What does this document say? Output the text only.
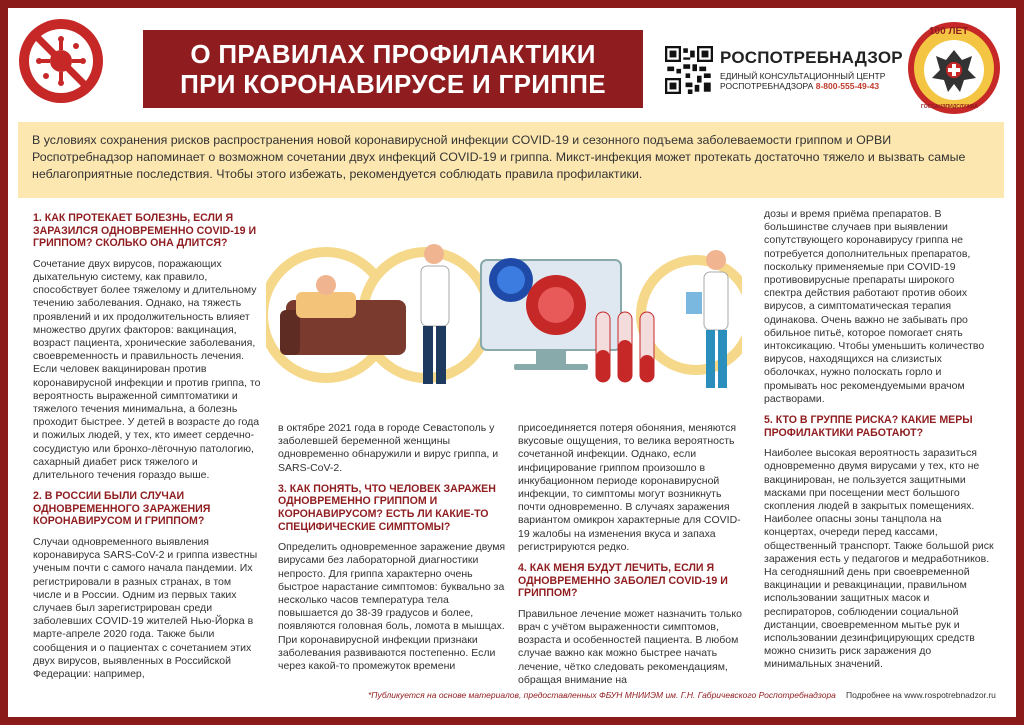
О ПРАВИЛАХ ПРОФИЛАКТИКИ
ПРИ КОРОНАВИРУСЕ И ГРИППЕ
РОСПОТРЕБНАДЗОР
ЕДИНЫЙ КОНСУЛЬТАЦИОННЫЙ ЦЕНТР
РОСПОТРЕБНАДЗОРА 8-800-555-49-43
100 ЛЕТ
ГОССАНЭПИДСЛУЖБА
В условиях сохранения рисков распространения новой коронавирусной инфекции COVID-19 и сезонного подъема заболеваемости гриппом и ОРВИ Роспотребнадзор напоминает о возможном сочетании двух инфекций COVID-19 и гриппа. Микст-инфекция может протекать достаточно тяжело и вызвать самые неблагоприятные последствия. Чтобы этого избежать, рекомендуется соблюдать правила профилактики.
1. КАК ПРОТЕКАЕТ БОЛЕЗНЬ, ЕСЛИ Я ЗАРАЗИЛСЯ ОДНОВРЕМЕННО COVID-19 И ГРИППОМ? СКОЛЬКО ОНА ДЛИТСЯ?

Сочетание двух вирусов, поражающих дыхательную систему, как правило, способствует более тяжелому и длительному течению заболевания. Однако, на тяжесть проявлений и их продолжительность влияет множество других факторов: вакцинация, возраст пациента, хронические заболевания, своевременность и правильность лечения. Если человек вакцинирован против коронавирусной инфекции и против гриппа, то вероятность выраженной симптоматики и тяжелого течения минимальна, а болезнь проходит быстрее. У детей в возрасте до года и пожилых людей, у тех, кто имеет сердечно-сосудистую или бронхо-лёгочную патологию, сахарный диабет риск тяжелого и длительного течения гораздо выше.

2. В РОССИИ БЫЛИ СЛУЧАИ ОДНОВРЕМЕННОГО ЗАРАЖЕНИЯ КОРОНАВИРУСОМ И ГРИППОМ?

Случаи одновременного выявления коронавируса SARS-CoV-2 и гриппа известны ученым почти с самого начала пандемии. Их регистрировали в разных странах, в том числе и в России. Одним из первых таких случаев был зарегистрирован среди заболевших COVID-19 жителей Нью-Йорка в марте-апреле 2020 года. Также были сообщения и о пациентах с сочетанием этих двух вирусов, выявленных в Российской Федерации: например,

в октябре 2021 года в городе Севастополь у заболевшей беременной женщины одновременно обнаружили и вирус гриппа, и SARS-CoV-2.

3. КАК ПОНЯТЬ, ЧТО ЧЕЛОВЕК ЗАРАЖЕН ОДНОВРЕМЕННО ГРИППОМ И КОРОНАВИРУСОМ? ЕСТЬ ЛИ КАКИЕ-ТО СПЕЦИФИЧЕСКИЕ СИМПТОМЫ?

Определить одновременное заражение двумя вирусами без лабораторной диагностики непросто. Для гриппа характерно очень быстрое нарастание симптомов: буквально за несколько часов температура тела повышается до 38-39 градусов и более, появляются головная боль, ломота в мышцах. При коронавирусной инфекции признаки заболевания развиваются постепенно. Если через какой-то промежуток времени

присоединяется потеря обоняния, меняются вкусовые ощущения, то велика вероятность сочетанной инфекции. Однако, если инфицирование гриппом произошло в инкубационном периоде коронавирусной инфекции, то симптомы могут возникнуть почти одновременно. В случаях заражения вариантом омикрон характерные для COVID-19 жалобы на изменения вкуса и запаха регистрируются редко.

4. КАК МЕНЯ БУДУТ ЛЕЧИТЬ, ЕСЛИ Я ОДНОВРЕМЕННО ЗАБОЛЕЛ COVID-19 И ГРИППОМ?

Правильное лечение может назначить только врач с учётом выраженности симптомов, возраста и особенностей пациента. В любом случае важно как можно быстрее начать лечение, чётко следовать рекомендациям, обращая внимание на

дозы и время приёма препаратов. В большинстве случаев при выявлении сопутствующего коронавирусу гриппа не потребуется дополнительных препаратов, поскольку применяемые при COVID-19 противовирусные препараты широкого спектра действия работают против обоих вирусов, а симптоматическая терапия одинакова. Очень важно не забывать про обильное питьё, которое помогает снять интоксикацию. Чтобы уменьшить количество вирусов, находящихся на слизистых оболочках, нужно полоскать горло и промывать нос рекомендуемыми врачом растворами.

5. КТО В ГРУППЕ РИСКА? КАКИЕ МЕРЫ ПРОФИЛАКТИКИ РАБОТАЮТ?

Наиболее высокая вероятность заразиться одновременно двумя вирусами у тех, кто не вакцинирован, не пользуется защитными масками при посещении мест большого скопления людей в закрытых помещениях. Наиболее опасны зоны танцпола на концертах, очереди перед кассами, общественный транспорт. Также большой риск заражения есть у педагогов и медработников. На сегодняшний день при своевременной вакцинации и ревакцинации, правильном использовании защитных масок и респираторов, соблюдении социальной дистанции, своевременном мытье рук и использовании дезинфицирующих средств можно снизить риск заражения до минимальных значений.

*Публикуется на основе материалов, предоставленных ФБУН МНИИЭМ им. Г.Н. Габричевского Роспотребнадзора Подробнее на www.rospotrebnadzor.ru
